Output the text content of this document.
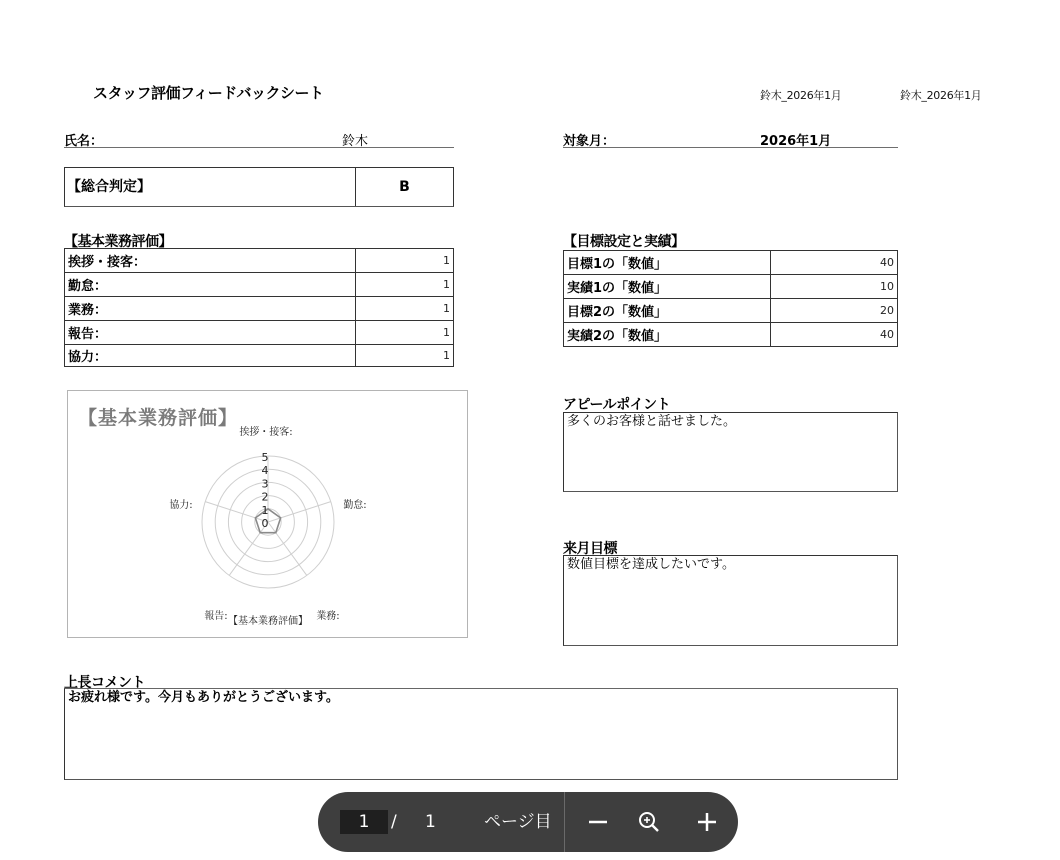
スタッフ評価フィードバックシート	鈴木_2026年1月	鈴木_2026年1月
氏名：	鈴木	対象月：	2026年1月
【総合判定】	B
【基本業務評価】
挨拶・接客：	1
勤怠：	1
業務：	1
報告：	1
協力：	1
【目標設定と実績】
目標1の「数値」	40
実績1の「数値」	10
目標2の「数値」	20
実績2の「数値」	40
【基本業務評価】
0
1
2
3
4
5
挨拶・接客:
勤怠:
業務:
報告:
協力:
【基本業務評価】
アピールポイント
多くのお客様と話せました。
来月目標
数値目標を達成したいです。
上長コメント
お疲れ様です。今月もありがとうございます。
1
/ 1	ページ目
